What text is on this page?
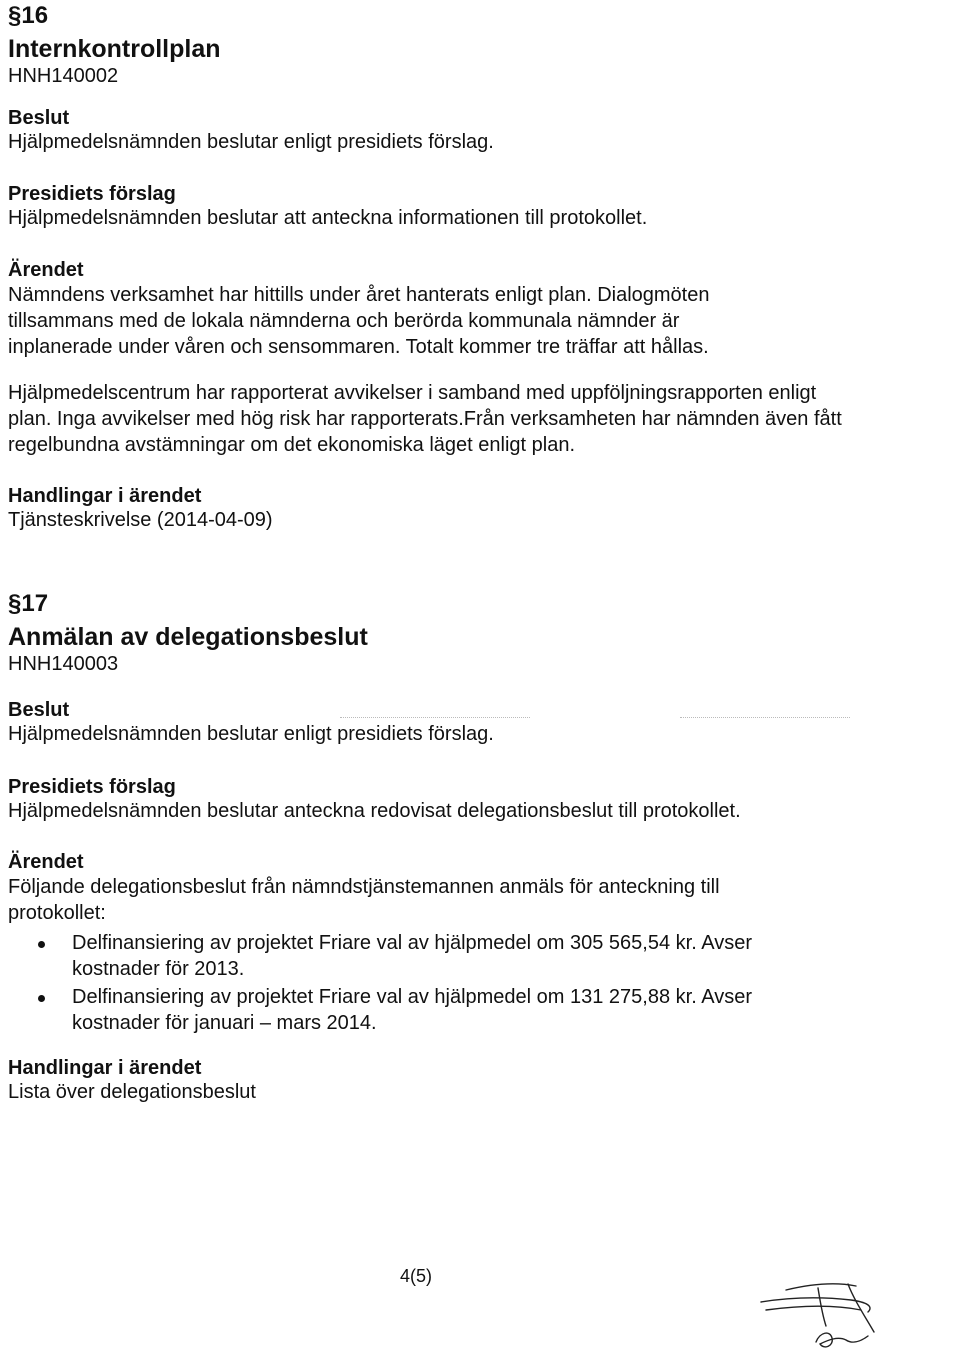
§16
Internkontrollplan
HNH140002
Beslut
Hjälpmedelsnämnden beslutar enligt presidiets förslag.
Presidiets förslag
Hjälpmedelsnämnden beslutar att anteckna informationen till protokollet.
Ärendet

Nämndens verksamhet har hittills under året hanterats enligt plan. Dialogmöten tillsammans med de lokala nämnderna och berörda kommunala nämnder är inplanerade under våren och sensommaren. Totalt kommer tre träffar att hållas.

Hjälpmedelscentrum har rapporterat avvikelser i samband med uppföljningsrapporten enligt plan. Inga avvikelser med hög risk har rapporterats.Från verksamheten har nämnden även fått regelbundna avstämningar om det ekonomiska läget enligt plan.

Handlingar i ärendet
Tjänsteskrivelse (2014-04-09)
§17
Anmälan av delegationsbeslut
HNH140003
Beslut
Hjälpmedelsnämnden beslutar enligt presidiets förslag.
Presidiets förslag
Hjälpmedelsnämnden beslutar anteckna redovisat delegationsbeslut till protokollet.
Ärendet

Följande delegationsbeslut från nämndstjänstemannen anmäls för anteckning till protokollet:

Delfinansiering av projektet Friare val av hjälpmedel om 305 565,54 kr. Avser kostnader för 2013.
Delfinansiering av projektet Friare val av hjälpmedel om 131 275,88 kr. Avser kostnader för januari – mars 2014.
Handlingar i ärendet
Lista över delegationsbeslut
4(5)
